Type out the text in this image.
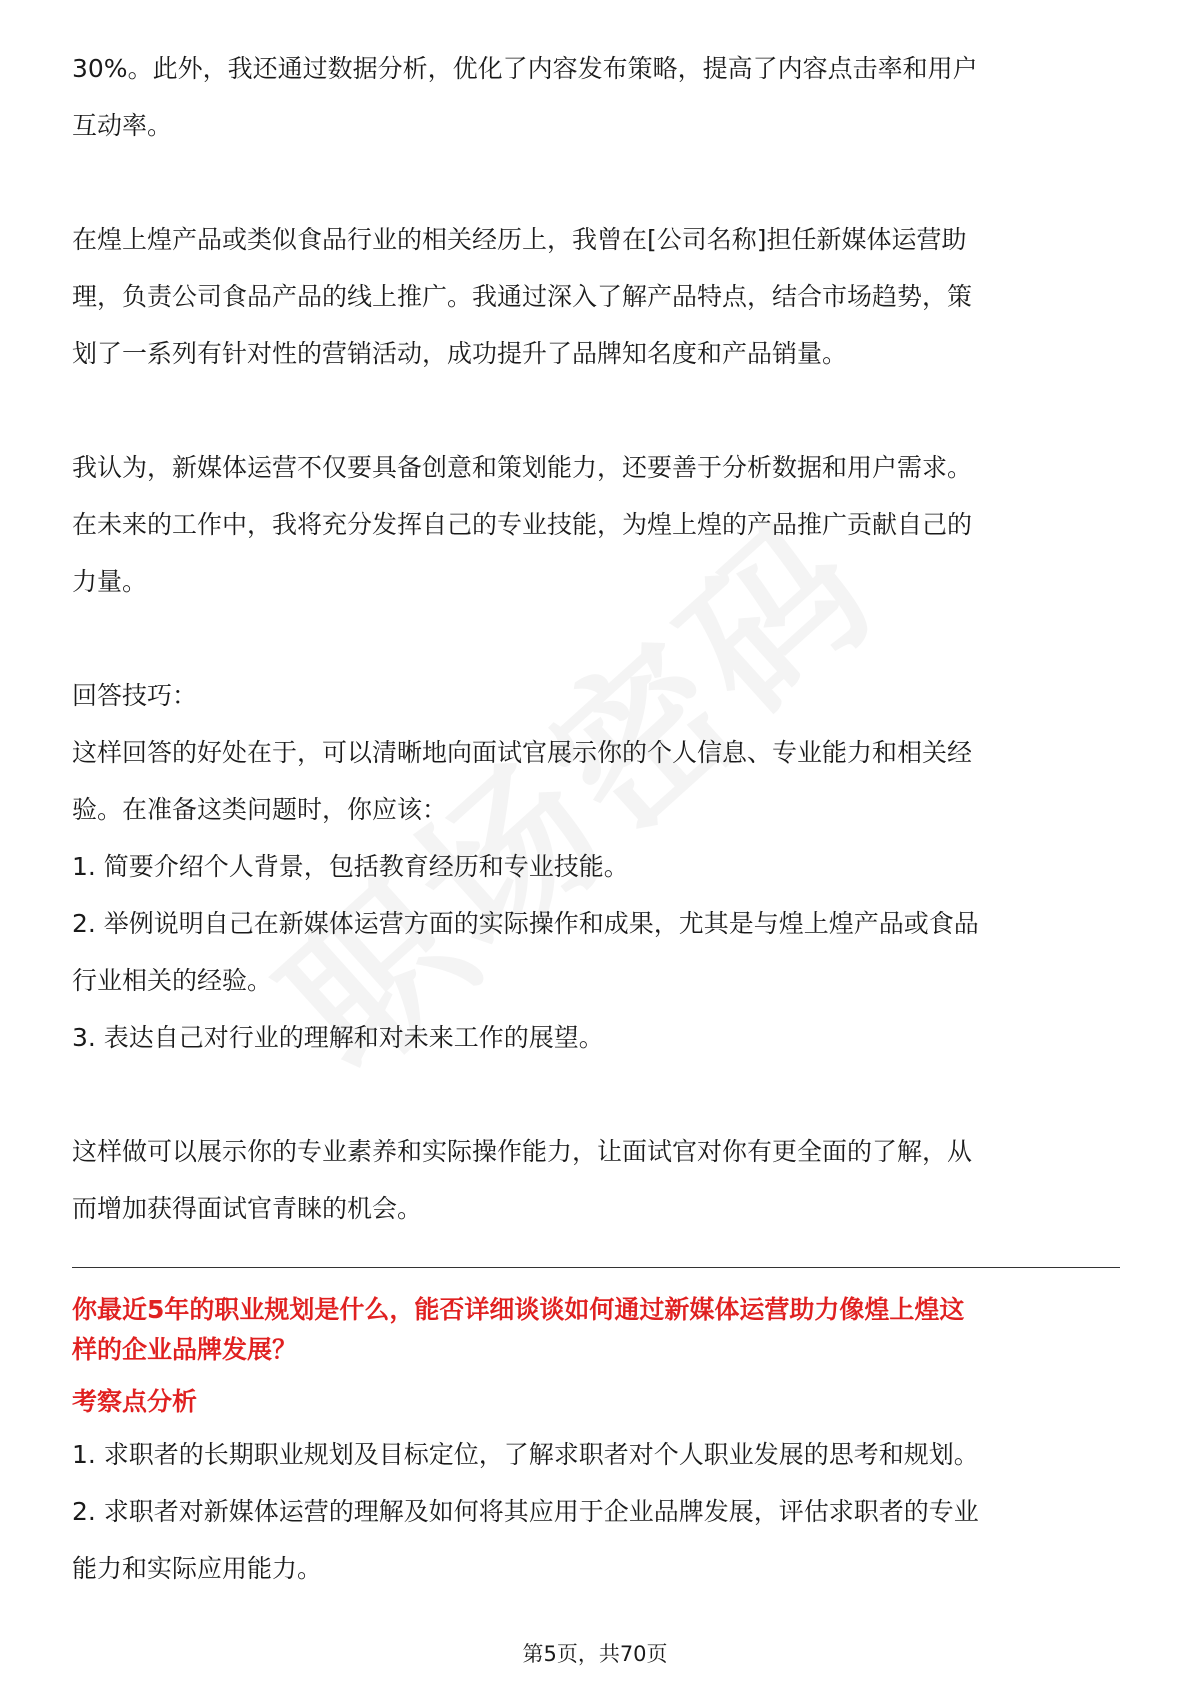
30%。此外，我还通过数据分析，优化了内容发布策略，提高了内容点击率和用户

互动率。

在煌上煌产品或类似食品行业的相关经历上，我曾在[公司名称]担任新媒体运营助

理，负责公司食品产品的线上推广。我通过深入了解产品特点，结合市场趋势，策

划了一系列有针对性的营销活动，成功提升了品牌知名度和产品销量。

我认为，新媒体运营不仅要具备创意和策划能力，还要善于分析数据和用户需求。

在未来的工作中，我将充分发挥自己的专业技能，为煌上煌的产品推广贡献自己的

力量。

回答技巧：

这样回答的好处在于，可以清晰地向面试官展示你的个人信息、专业能力和相关经

验。在准备这类问题时，你应该：

1. 简要介绍个人背景，包括教育经历和专业技能。

2. 举例说明自己在新媒体运营方面的实际操作和成果，尤其是与煌上煌产品或食品

行业相关的经验。

3. 表达自己对行业的理解和对未来工作的展望。

这样做可以展示你的专业素养和实际操作能力，让面试官对你有更全面的了解，从

而增加获得面试官青睐的机会。

你最近5年的职业规划是什么，能否详细谈谈如何通过新媒体运营助力像煌上煌这

样的企业品牌发展？

考察点分析

1. 求职者的长期职业规划及目标定位，了解求职者对个人职业发展的思考和规划。

2. 求职者对新媒体运营的理解及如何将其应用于企业品牌发展，评估求职者的专业

能力和实际应用能力。

第5页，共70页
